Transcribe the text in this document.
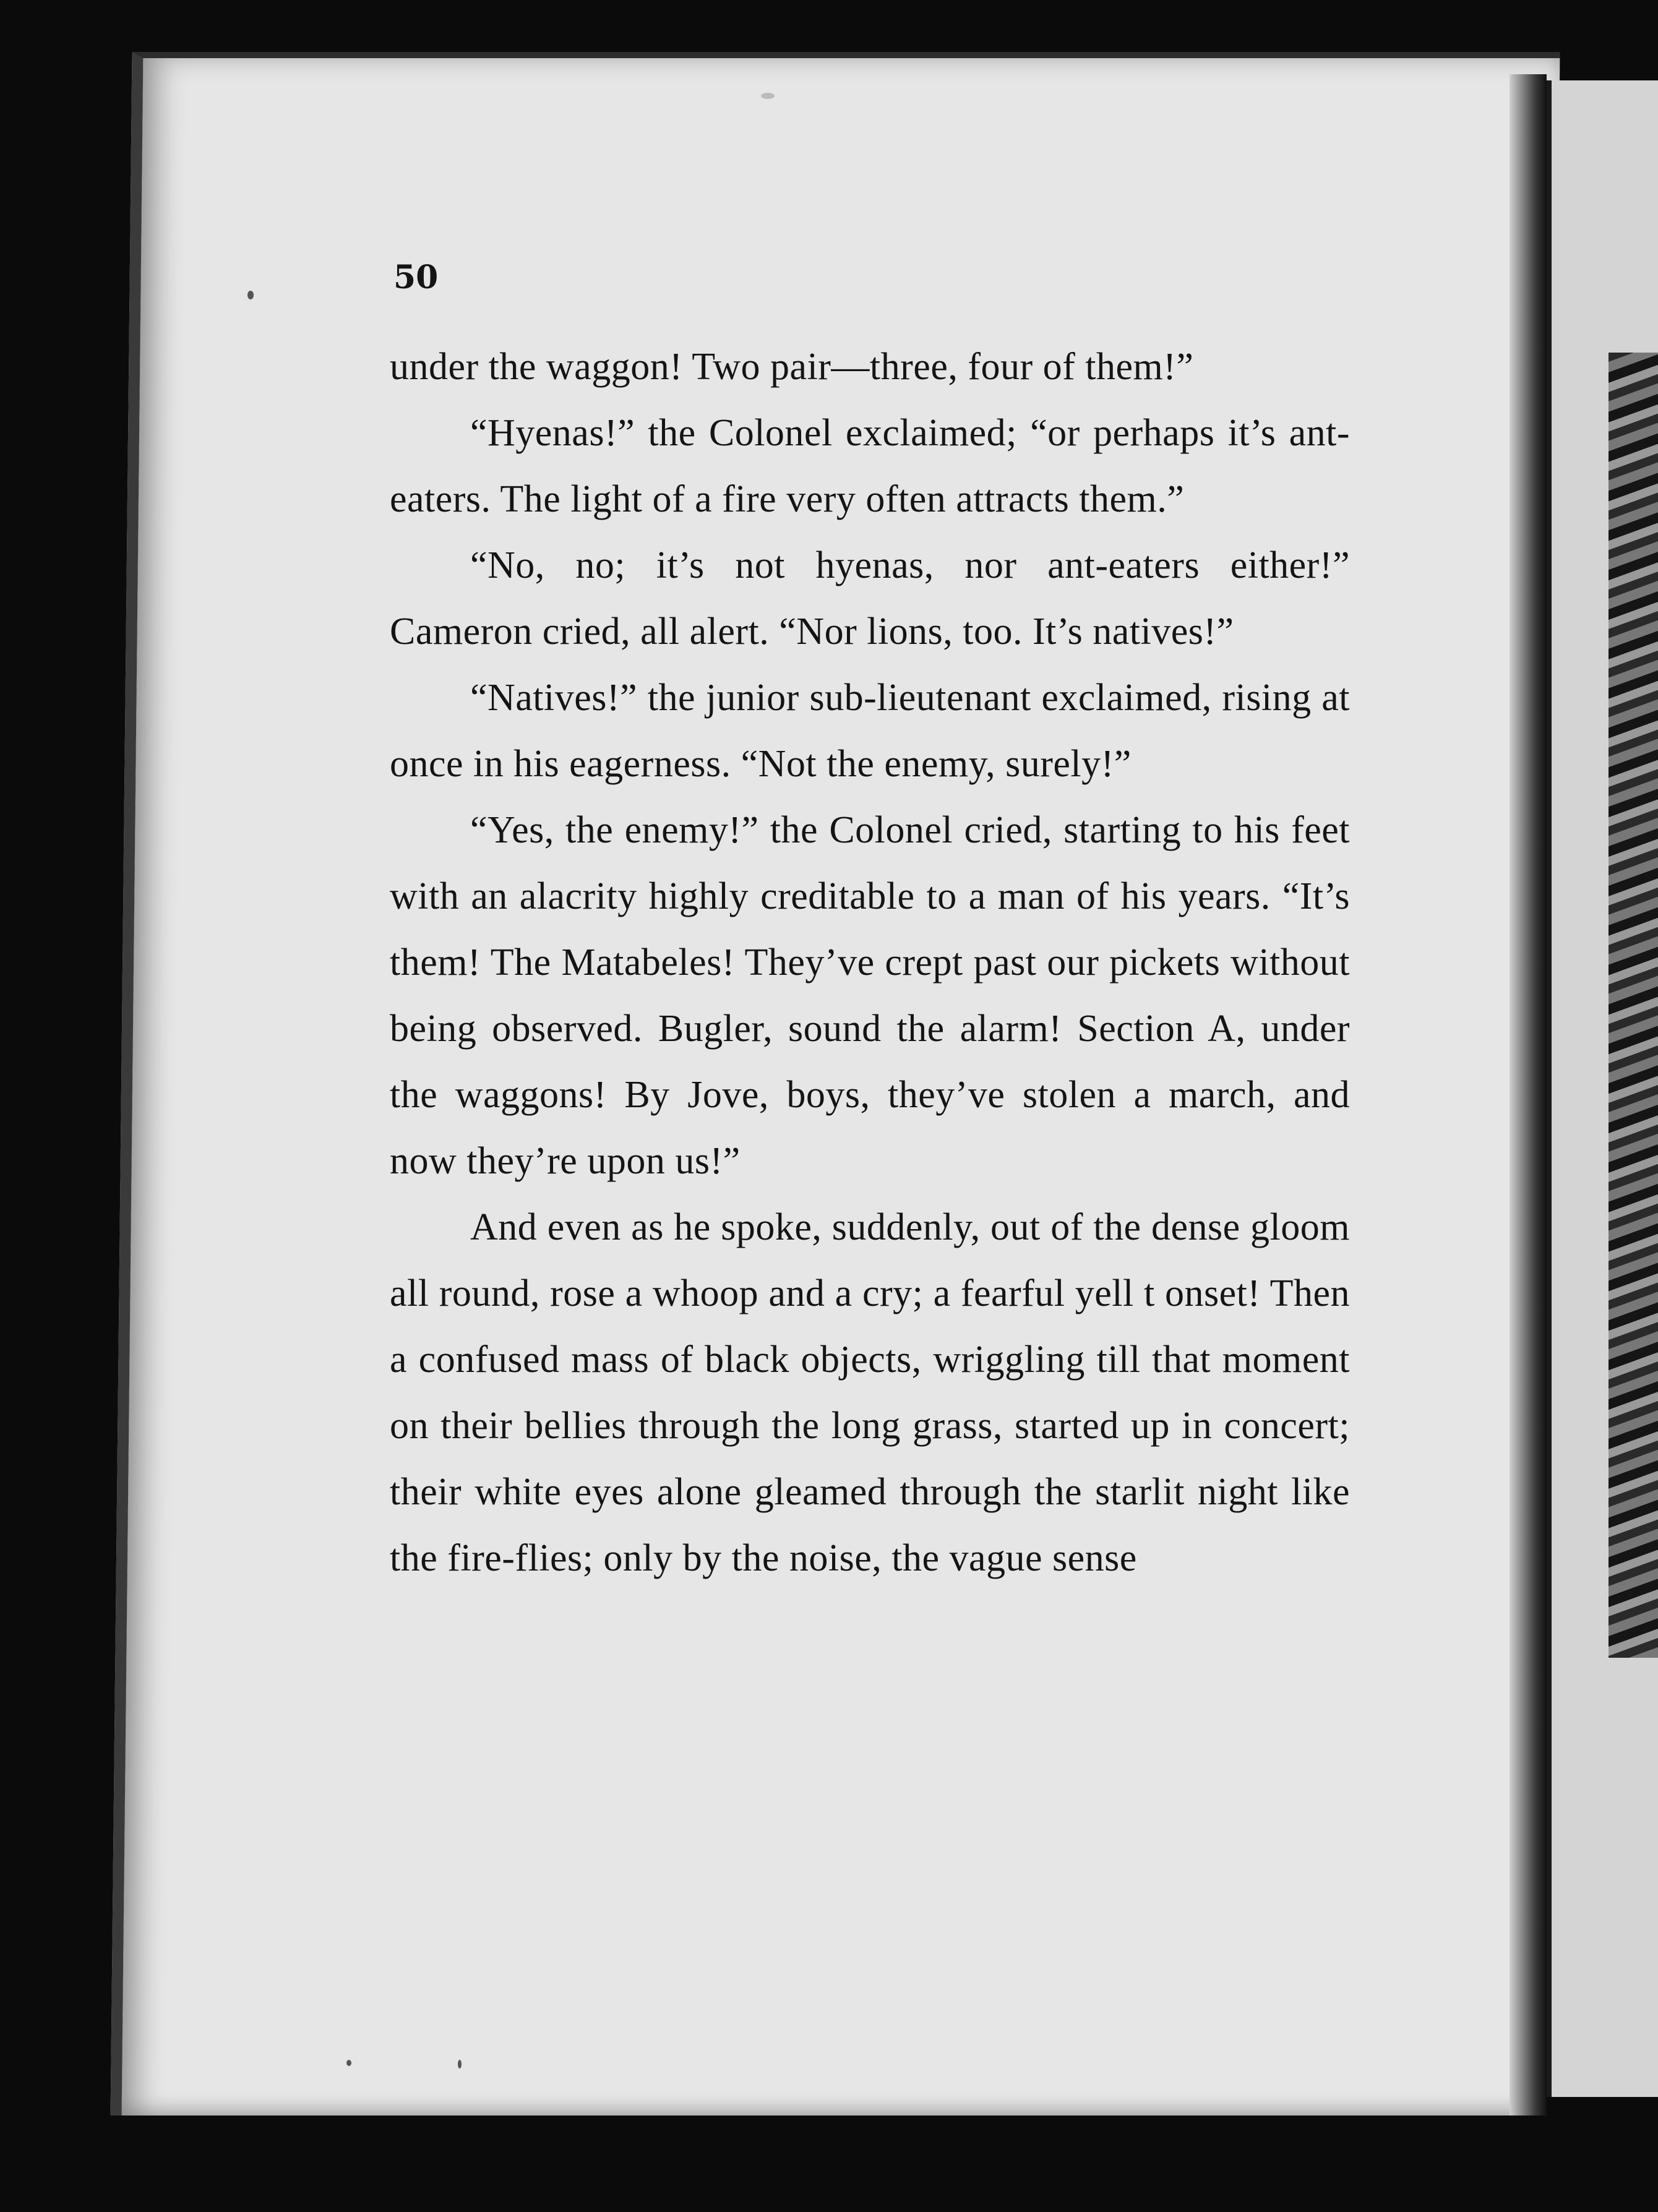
50

under the waggon! Two pair—three, four of them!”

“Hyenas!” the Colonel exclaimed; “or perhaps it’s ant-eaters. The light of a fire very often attracts them.”

“No, no; it’s not hyenas, nor ant-eaters either!” Cameron cried, all alert. “Nor lions, too. It’s natives!”

“Natives!” the junior sub-lieutenant exclaimed, rising at once in his eagerness. “Not the enemy, surely!”

“Yes, the enemy!” the Colonel cried, starting to his feet with an alacrity highly creditable to a man of his years. “It’s them! The Matabeles! They’ve crept past our pickets without being observed. Bugler, sound the alarm! Section A, under the waggons! By Jove, boys, they’ve stolen a march, and now they’re upon us!”

And even as he spoke, suddenly, out of the dense gloom all round, rose a whoop and a cry; a fearful yell t onset! Then a confused mass of black objects, wriggling till that moment on their bellies through the long grass, started up in concert; their white eyes alone gleamed through the starlit night like the fire-flies; only by the noise, the vague sense
